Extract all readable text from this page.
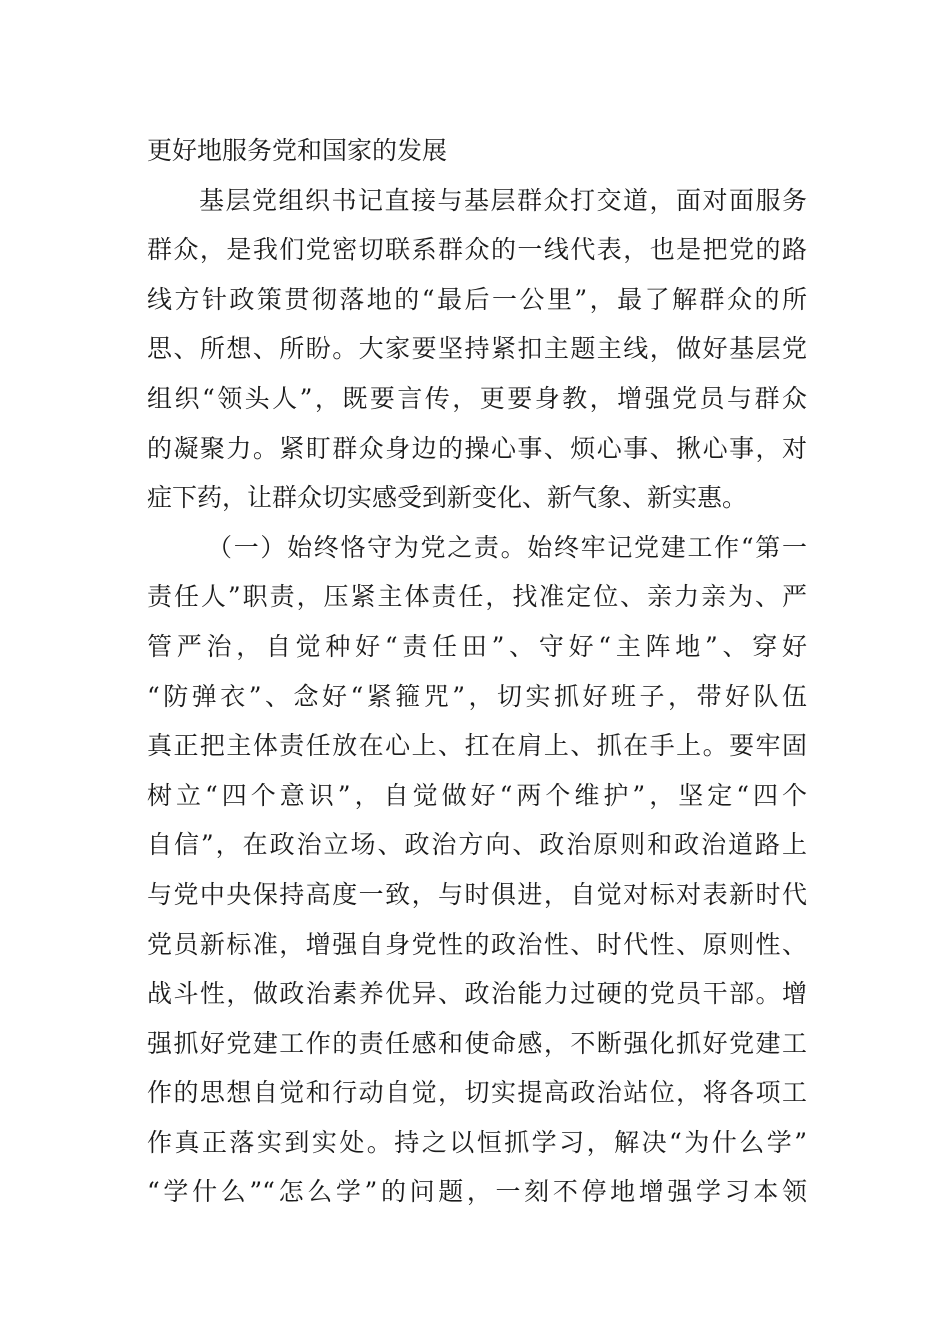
更好地服务党和国家的发展
基层党组织书记直接与基层群众打交道，面对面服务
群众，是我们党密切联系群众的一线代表，也是把党的路
线方针政策贯彻落地的“最后一公里”，最了解群众的所
思、所想、所盼。大家要坚持紧扣主题主线，做好基层党
组织“领头人”，既要言传，更要身教，增强党员与群众
的凝聚力。紧盯群众身边的操心事、烦心事、揪心事，对
症下药，让群众切实感受到新变化、新气象、新实惠。
（一）始终恪守为党之责。始终牢记党建工作“第一
责任人”职责，压紧主体责任，找准定位、亲力亲为、严
管严治，自觉种好“责任田”、守好“主阵地”、穿好
“防弹衣”、念好“紧箍咒”，切实抓好班子，带好队伍
真正把主体责任放在心上、扛在肩上、抓在手上。要牢固
树立“四个意识”，自觉做好“两个维护”，坚定“四个
自信”，在政治立场、政治方向、政治原则和政治道路上
与党中央保持高度一致，与时俱进，自觉对标对表新时代
党员新标准，增强自身党性的政治性、时代性、原则性、
战斗性，做政治素养优异、政治能力过硬的党员干部。增
强抓好党建工作的责任感和使命感，不断强化抓好党建工
作的思想自觉和行动自觉，切实提高政治站位，将各项工
作真正落实到实处。持之以恒抓学习，解决“为什么学”
“学什么”“怎么学”的问题，一刻不停地增强学习本领
